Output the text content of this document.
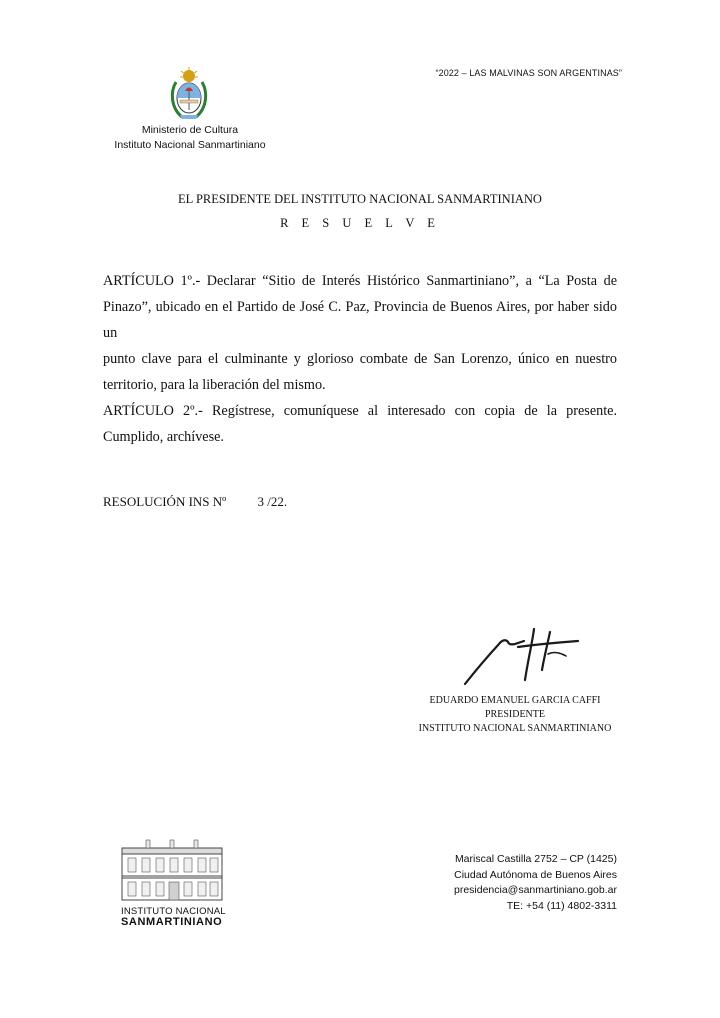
“2022 – LAS MALVINAS SON ARGENTINAS”
Ministerio de Cultura
Instituto Nacional Sanmartiniano
EL PRESIDENTE DEL INSTITUTO NACIONAL SANMARTINIANO
R E S U E L V E

ARTÍCULO 1º.- Declarar “Sitio de Interés Histórico Sanmartiniano”, a “La Posta de Pinazo”, ubicado en el Partido de José C. Paz, Provincia de Buenos Aires, por haber sido un

punto clave para el culminante y glorioso combate de San Lorenzo, único en nuestro territorio, para la liberación del mismo.

ARTÍCULO 2º.- Regístrese, comuníquese al interesado con copia de la presente. Cumplido, archívese.

RESOLUCIÓN INS Nº 3 /22.
EDUARDO EMANUEL GARCIA CAFFI
PRESIDENTE
INSTITUTO NACIONAL SANMARTINIANO
INSTITUTO NACIONAL
SANMARTINIANO
Mariscal Castilla 2752 – CP (1425)
Ciudad Autónoma de Buenos Aires
presidencia@sanmartiniano.gob.ar
TE: +54 (11) 4802-3311
